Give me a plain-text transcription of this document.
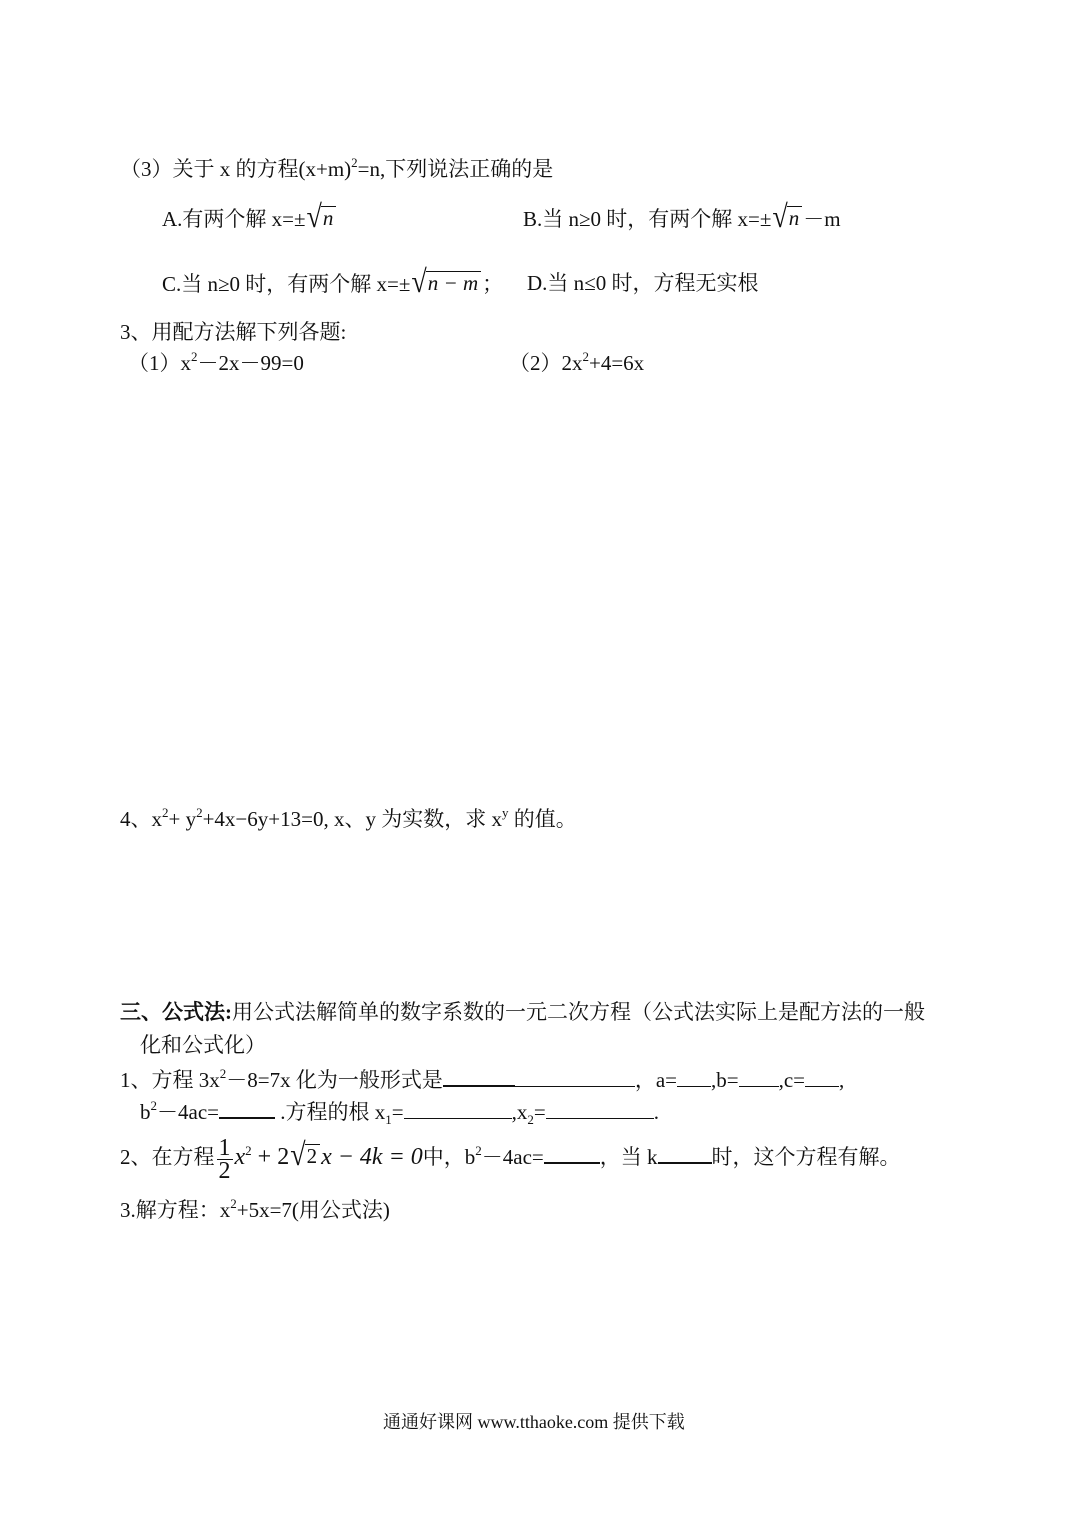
（3）关于 x 的方程$(x+m)^2=n$,下列说法正确的是
A.有两个解 x=± √ n	B.当 n≥0 时，有两个解 x=± √ n －m
C.当 n≥0 时，有两个解 x=± √ n − m ； D.当 n≤0 时，方程无实根
3、用配方法解下列各题:
$(1)x^2-2x-99=0$	$(2)2x^2+4=6x$
4、$x^2+ y^2+4x-6y+13=0$, x、y 为实数，求 $x^y$ 的值。
三、公式法:用公式法解简单的数字系数的一元二次方程（公式法实际上是配方法的一般
化和公式化）
1、方程 $3x^2-8=7x$ 化为一般形式是	，a= ,b= ,c= ,
$b^2-4ac=$	.方程的根 $x_1=$	$,x_2=$	.
2、在方程 $\frac{1}{2} x^2 + 2$ √ 2 x − 4k = 0中，$b^2-4ac=$	，当 k	时，这个方程有解。
3.解方程：$x^2+5x=7$(用公式法)
通通好课网 www.tthaoke.com 提供下载
